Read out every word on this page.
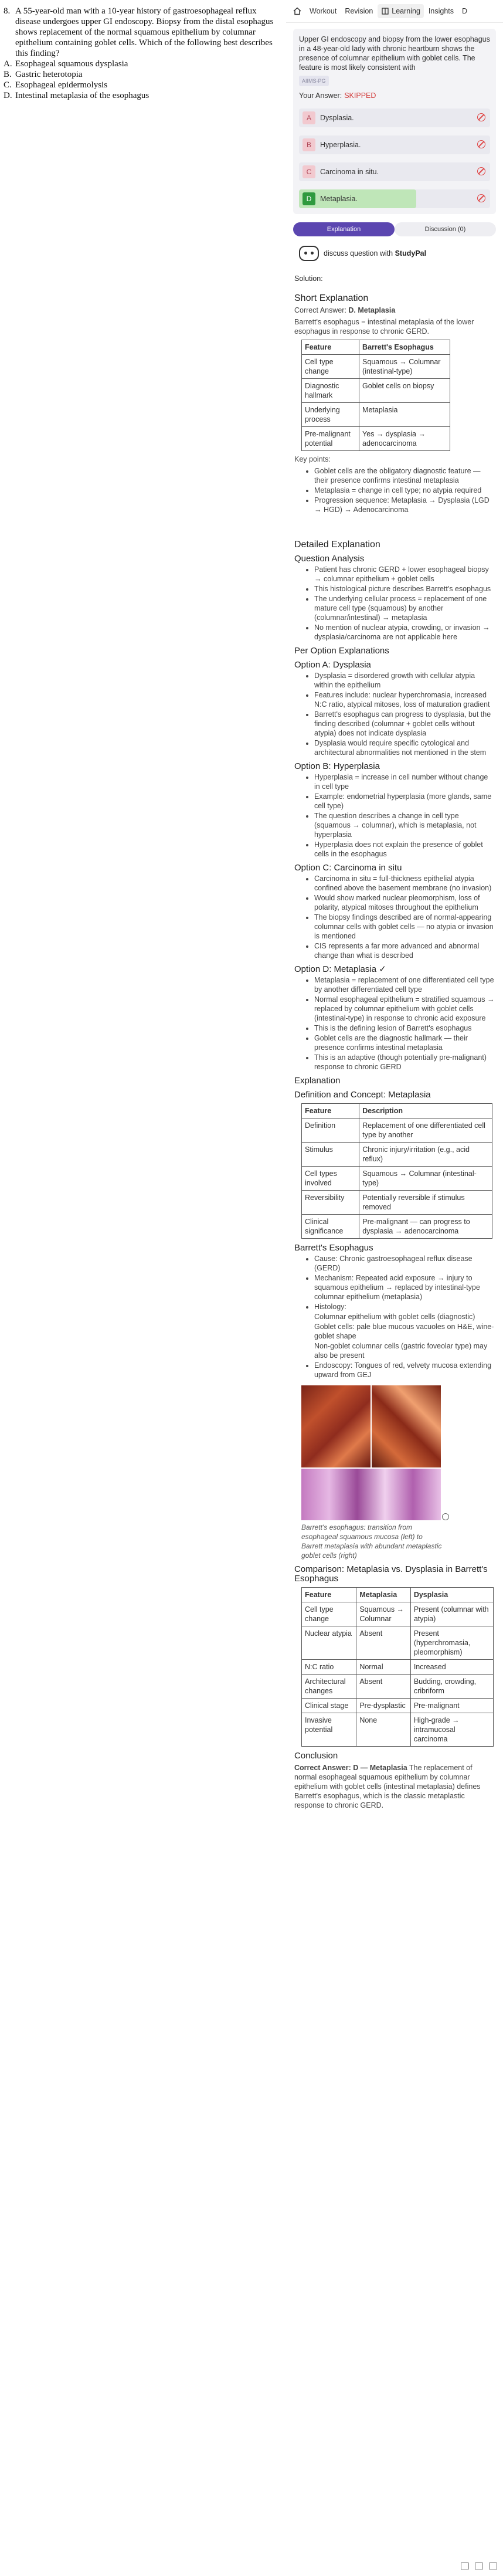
8. A 55-year-old man with a 10-year history of gastroesophageal reflux disease undergoes upper GI endoscopy. Biopsy from the distal esophagus shows replacement of the normal squamous epithelium by columnar epithelium containing goblet cells. Which of the following best describes this finding?
A. Esophageal squamous dysplasia
B. Gastric heterotopia
C. Esophageal epidermolysis
D. Intestinal metaplasia of the esophagus
Workout	Revision	Learning	Insights	D
Upper GI endoscopy and biopsy from the lower esophagus in a 48-year-old lady with chronic heartburn shows the presence of columnar epithelium with goblet cells. The feature is most likely consistent with
AIIMS-PG
Your Answer: SKIPPED
A	Dysplasia.
B	Hyperplasia.
C	Carcinoma in situ.
D	Metaplasia.
Explanation	Discussion (0)
discuss question with StudyPal
Solution:
Short Explanation

Correct Answer: D. Metaplasia

Barrett's esophagus = intestinal metaplasia of the lower esophagus in response to chronic GERD.

Feature	Barrett's Esophagus
Cell type change	Squamous → Columnar (intestinal-type)
Diagnostic hallmark	Goblet cells on biopsy
Underlying process	Metaplasia
Pre-malignant potential	Yes → dysplasia → adenocarcinoma

Key points:

• Goblet cells are the obligatory diagnostic feature — their presence confirms intestinal metaplasia
• Metaplasia = change in cell type; no atypia required
• Progression sequence: Metaplasia → Dysplasia (LGD → HGD) → Adenocarcinoma
Detailed Explanation
Question Analysis
• Patient has chronic GERD + lower esophageal biopsy → columnar epithelium + goblet cells
• This histological picture describes Barrett's esophagus
• The underlying cellular process = replacement of one mature cell type (squamous) by another (columnar/intestinal) → metaplasia
• No mention of nuclear atypia, crowding, or invasion → dysplasia/carcinoma are not applicable here
Per Option Explanations
Option A: Dysplasia
• Dysplasia = disordered growth with cellular atypia within the epithelium
• Features include: nuclear hyperchromasia, increased N:C ratio, atypical mitoses, loss of maturation gradient
• Barrett's esophagus can progress to dysplasia, but the finding described (columnar + goblet cells without atypia) does not indicate dysplasia
• Dysplasia would require specific cytological and architectural abnormalities not mentioned in the stem
Option B: Hyperplasia
• Hyperplasia = increase in cell number without change in cell type
• Example: endometrial hyperplasia (more glands, same cell type)
• The question describes a change in cell type (squamous → columnar), which is metaplasia, not hyperplasia
• Hyperplasia does not explain the presence of goblet cells in the esophagus
Option C: Carcinoma in situ
• Carcinoma in situ = full-thickness epithelial atypia confined above the basement membrane (no invasion)
• Would show marked nuclear pleomorphism, loss of polarity, atypical mitoses throughout the epithelium
• The biopsy findings described are of normal-appearing columnar cells with goblet cells — no atypia or invasion is mentioned
• CIS represents a far more advanced and abnormal change than what is described
Option D: Metaplasia ✓
• Metaplasia = replacement of one differentiated cell type by another differentiated cell type
• Normal esophageal epithelium = stratified squamous → replaced by columnar epithelium with goblet cells (intestinal-type) in response to chronic acid exposure
• This is the defining lesion of Barrett's esophagus
• Goblet cells are the diagnostic hallmark — their presence confirms intestinal metaplasia
• This is an adaptive (though potentially pre-malignant) response to chronic GERD
Explanation
Definition and Concept: Metaplasia
Feature	Description
Definition	Replacement of one differentiated cell type by another
Stimulus	Chronic injury/irritation (e.g., acid reflux)
Cell types involved	Squamous → Columnar (intestinal-type)
Reversibility	Potentially reversible if stimulus removed
Clinical significance	Pre-malignant — can progress to dysplasia → adenocarcinoma
Barrett's Esophagus
• Cause: Chronic gastroesophageal reflux disease (GERD)
• Mechanism: Repeated acid exposure → injury to squamous epithelium → replaced by intestinal-type columnar epithelium (metaplasia)
• Histology:
Columnar epithelium with goblet cells (diagnostic)
Goblet cells: pale blue mucous vacuoles on H&E, wine-goblet shape
Non-goblet columnar cells (gastric foveolar type) may also be present
• Endoscopy: Tongues of red, velvety mucosa extending upward from GEJ
Barrett's esophagus: transition from esophageal squamous mucosa (left) to Barrett metaplasia with abundant metaplastic goblet cells (right)
Comparison: Metaplasia vs. Dysplasia in Barrett's Esophagus
Feature	Metaplasia	Dysplasia
Cell type change	Squamous → Columnar	Present (columnar with atypia)
Nuclear atypia	Absent	Present (hyperchromasia, pleomorphism)
N:C ratio	Normal	Increased
Architectural changes	Absent	Budding, crowding, cribriform
Clinical stage	Pre-dysplastic	Pre-malignant
Invasive potential	None	High-grade → intramucosal carcinoma
Conclusion

Correct Answer: D — Metaplasia The replacement of normal esophageal squamous epithelium by columnar epithelium with goblet cells (intestinal metaplasia) defines Barrett's esophagus, which is the classic metaplastic response to chronic GERD.
